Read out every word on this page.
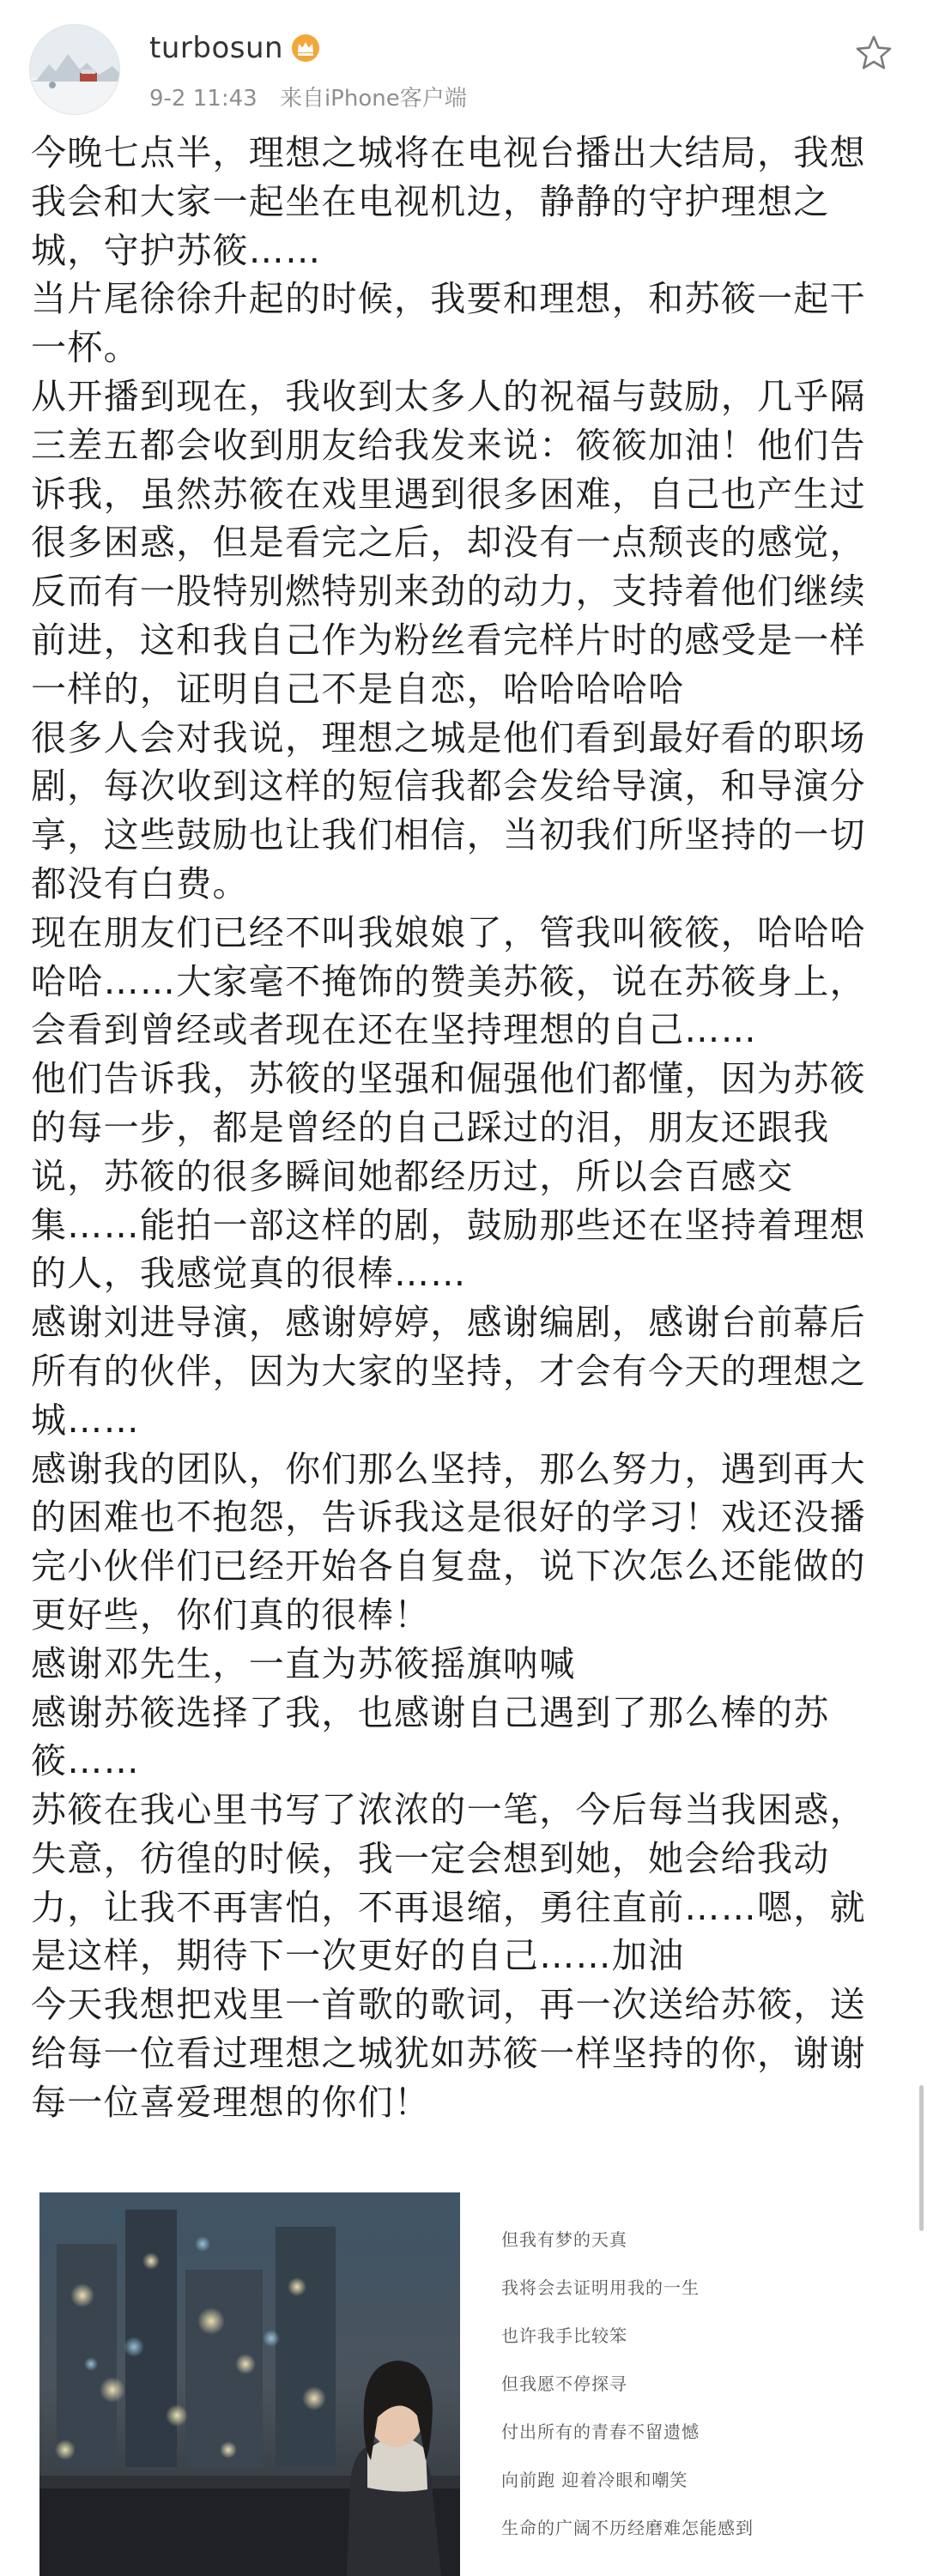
turbosun
9-2 11:43 来自iPhone客户端

今晚七点半，理想之城将在电视台播出大结局，我想我会和大家一起坐在电视机边，静静的守护理想之城，守护苏筱……

当片尾徐徐升起的时候，我要和理想，和苏筱一起干一杯。

从开播到现在，我收到太多人的祝福与鼓励，几乎隔三差五都会收到朋友给我发来说：筱筱加油！他们告诉我，虽然苏筱在戏里遇到很多困难，自己也产生过很多困惑，但是看完之后，却没有一点颓丧的感觉，反而有一股特别燃特别来劲的动力，支持着他们继续前进，这和我自己作为粉丝看完样片时的感受是一样一样的，证明自己不是自恋，哈哈哈哈哈

很多人会对我说，理想之城是他们看到最好看的职场剧，每次收到这样的短信我都会发给导演，和导演分享，这些鼓励也让我们相信，当初我们所坚持的一切都没有白费。

现在朋友们已经不叫我娘娘了，管我叫筱筱，哈哈哈哈哈……大家毫不掩饰的赞美苏筱，说在苏筱身上，会看到曾经或者现在还在坚持理想的自己……

他们告诉我，苏筱的坚强和倔强他们都懂，因为苏筱的每一步，都是曾经的自己踩过的泪，朋友还跟我说，苏筱的很多瞬间她都经历过，所以会百感交集……能拍一部这样的剧，鼓励那些还在坚持着理想的人，我感觉真的很棒……

感谢刘进导演，感谢婷婷，感谢编剧，感谢台前幕后所有的伙伴，因为大家的坚持，才会有今天的理想之城……

感谢我的团队，你们那么坚持，那么努力，遇到再大的困难也不抱怨，告诉我这是很好的学习！戏还没播完小伙伴们已经开始各自复盘，说下次怎么还能做的更好些，你们真的很棒！

感谢邓先生，一直为苏筱摇旗呐喊

感谢苏筱选择了我，也感谢自己遇到了那么棒的苏筱……

苏筱在我心里书写了浓浓的一笔，今后每当我困惑，失意，彷徨的时候，我一定会想到她，她会给我动力，让我不再害怕，不再退缩，勇往直前……嗯，就是这样，期待下一次更好的自己……加油

今天我想把戏里一首歌的歌词，再一次送给苏筱，送给每一位看过理想之城犹如苏筱一样坚持的你，谢谢每一位喜爱理想的你们！

但我有梦的天真
我将会去证明用我的一生
也许我手比较笨
但我愿不停探寻
付出所有的青春不留遗憾
向前跑 迎着冷眼和嘲笑
生命的广阔不历经磨难怎能感到
